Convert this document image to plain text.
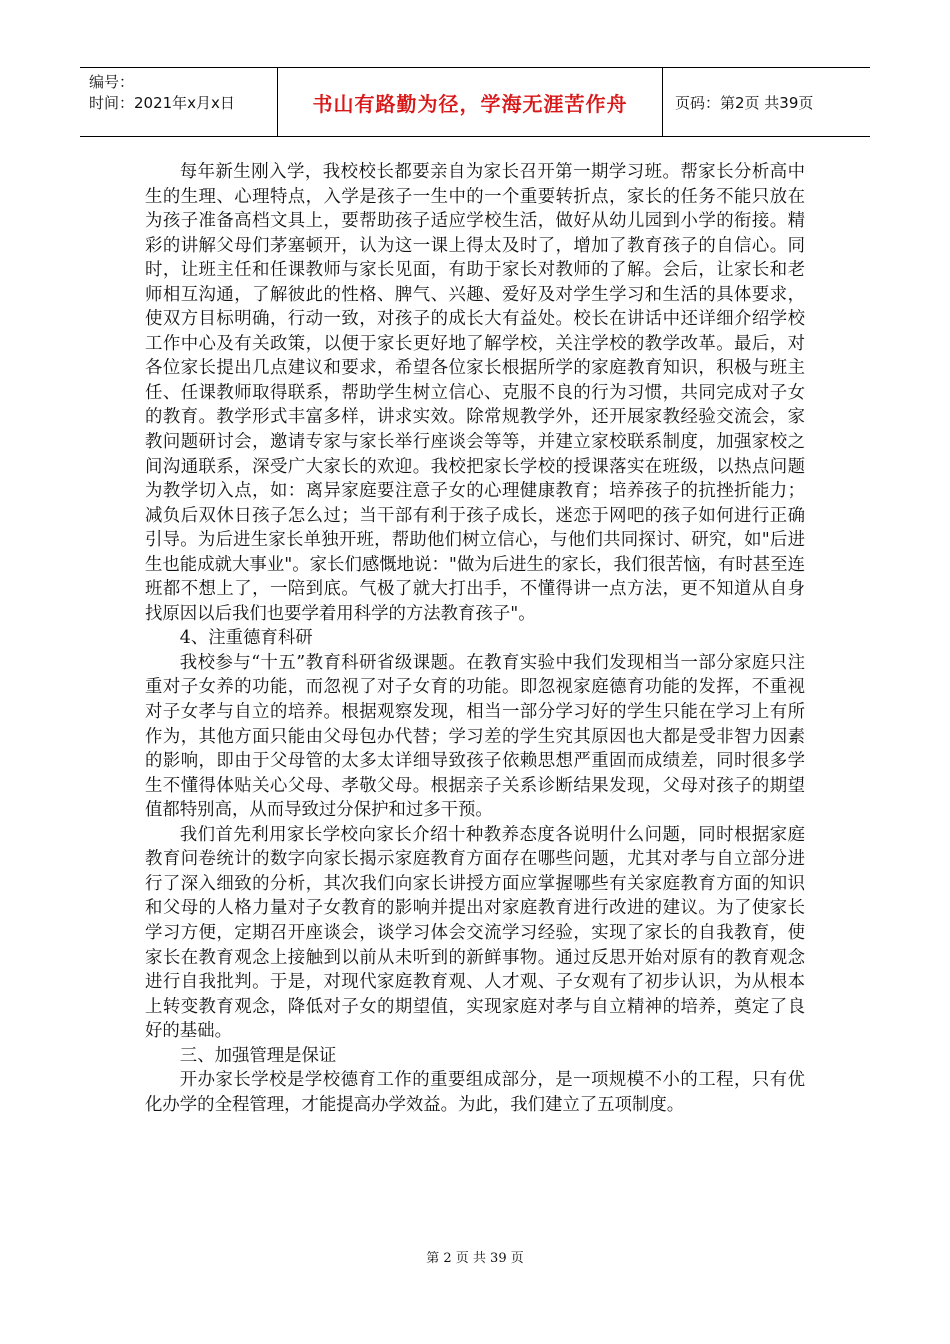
编号：
时间：2021年x月x日	书山有路勤为径，学海无涯苦作舟	页码：第2页 共39页

每年新生刚入学，我校校长都要亲自为家长召开第一期学习班。帮家长分析高中生的生理、心理特点，入学是孩子一生中的一个重要转折点，家长的任务不能只放在为孩子准备高档文具上，要帮助孩子适应学校生活，做好从幼儿园到小学的衔接。精彩的讲解父母们茅塞顿开，认为这一课上得太及时了，增加了教育孩子的自信心。同时，让班主任和任课教师与家长见面，有助于家长对教师的了解。会后，让家长和老师相互沟通，了解彼此的性格、脾气、兴趣、爱好及对学生学习和生活的具体要求，使双方目标明确，行动一致，对孩子的成长大有益处。校长在讲话中还详细介绍学校工作中心及有关政策，以便于家长更好地了解学校，关注学校的教学改革。最后，对各位家长提出几点建议和要求，希望各位家长根据所学的家庭教育知识，积极与班主任、任课教师取得联系，帮助学生树立信心、克服不良的行为习惯，共同完成对子女的教育。教学形式丰富多样，讲求实效。除常规教学外，还开展家教经验交流会，家教问题研讨会，邀请专家与家长举行座谈会等等，并建立家校联系制度，加强家校之间沟通联系，深受广大家长的欢迎。我校把家长学校的授课落实在班级，以热点问题为教学切入点，如：离异家庭要注意子女的心理健康教育；培养孩子的抗挫折能力；减负后双休日孩子怎么过；当干部有利于孩子成长，迷恋于网吧的孩子如何进行正确引导。为后进生家长单独开班，帮助他们树立信心，与他们共同探讨、研究，如"后进生也能成就大事业"。家长们感慨地说："做为后进生的家长，我们很苦恼，有时甚至连班都不想上了，一陪到底。气极了就大打出手，不懂得讲一点方法，更不知道从自身找原因以后我们也要学着用科学的方法教育孩子"。

4、注重德育科研

我校参与“十五”教育科研省级课题。在教育实验中我们发现相当一部分家庭只注重对子女养的功能，而忽视了对子女育的功能。即忽视家庭德育功能的发挥，不重视对子女孝与自立的培养。根据观察发现，相当一部分学习好的学生只能在学习上有所作为，其他方面只能由父母包办代替；学习差的学生究其原因也大都是受非智力因素的影响，即由于父母管的太多太详细导致孩子依赖思想严重固而成绩差，同时很多学生不懂得体贴关心父母、孝敬父母。根据亲子关系诊断结果发现，父母对孩子的期望值都特别高，从而导致过分保护和过多干预。

我们首先利用家长学校向家长介绍十种教养态度各说明什么问题，同时根据家庭教育问卷统计的数字向家长揭示家庭教育方面存在哪些问题，尤其对孝与自立部分进行了深入细致的分析，其次我们向家长讲授方面应掌握哪些有关家庭教育方面的知识和父母的人格力量对子女教育的影响并提出对家庭教育进行改进的建议。为了使家长学习方便，定期召开座谈会，谈学习体会交流学习经验，实现了家长的自我教育，使家长在教育观念上接触到以前从未听到的新鲜事物。通过反思开始对原有的教育观念进行自我批判。于是，对现代家庭教育观、人才观、子女观有了初步认识，为从根本上转变教育观念，降低对子女的期望值，实现家庭对孝与自立精神的培养，奠定了良好的基础。

三、加强管理是保证

开办家长学校是学校德育工作的重要组成部分，是一项规模不小的工程，只有优化办学的全程管理，才能提高办学效益。为此，我们建立了五项制度。

第 2 页 共 39 页
